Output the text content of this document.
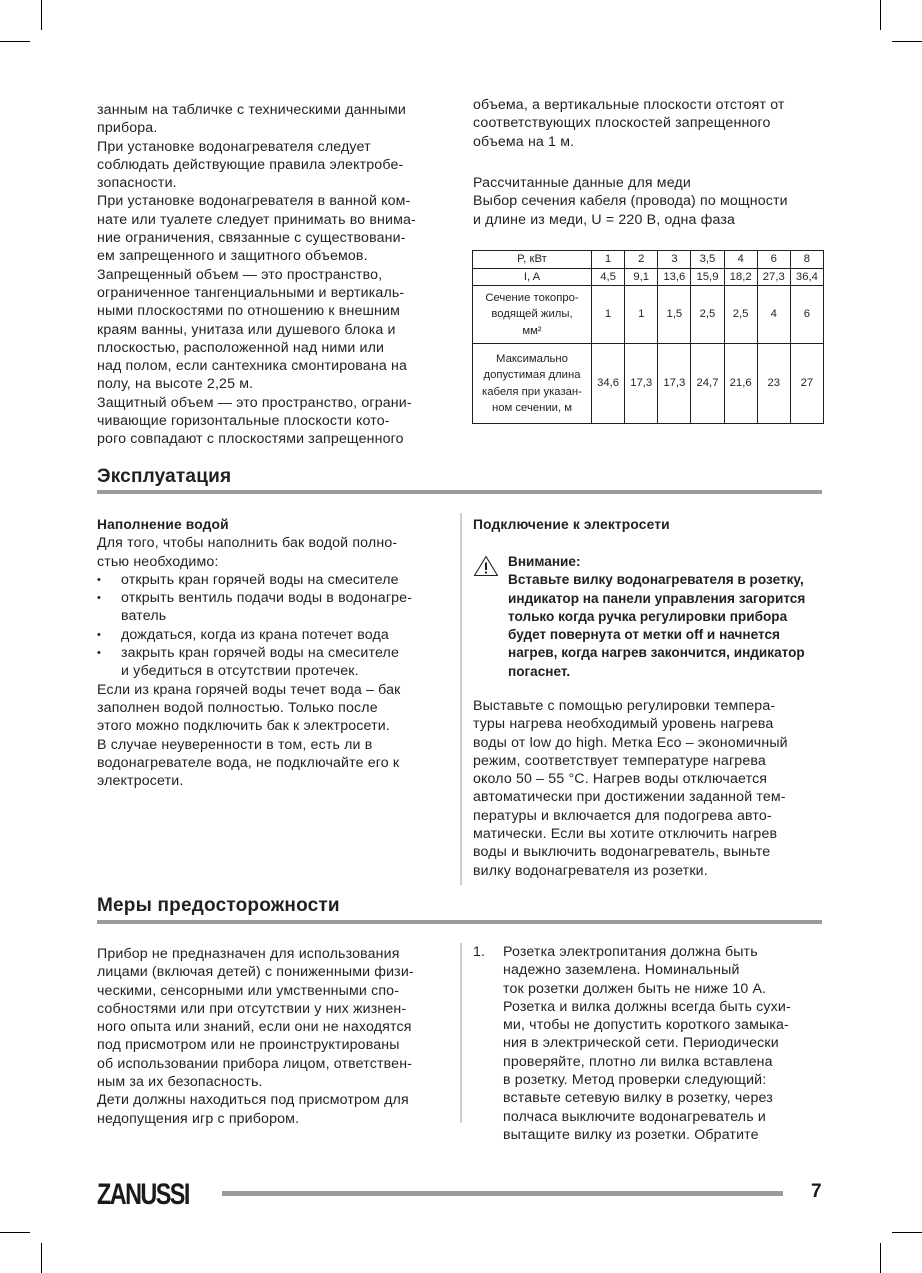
занным на табличке с техническими данными
прибора.
При установке водонагревателя следует
соблюдать действующие правила электробе-
зопасности.
При установке водонагревателя в ванной ком-
нате или туалете следует принимать во внима-
ние ограничения, связанные с существовани-
ем запрещенного и защитного объемов.
Запрещенный объем — это пространство,
ограниченное тангенциальными и вертикаль-
ными плоскостями по отношению к внешним
краям ванны, унитаза или душевого блока и
плоскостью, расположенной над ними или
над полом, если сантехника смонтирована на
полу, на высоте 2,25 м.
Защитный объем — это пространство, ограни-
чивающие горизонтальные плоскости кото-
рого совпадают с плоскостями запрещенного
объема, а вертикальные плоскости отстоят от
соответствующих плоскостей запрещенного
объема на 1 м.
Рассчитанные данные для меди
Выбор сечения кабеля (провода) по мощности
и длине из меди, U = 220 В, одна фаза
P, кВт	1	2	3	3,5	4	6	8

I, A	4,5	9,1	13,6	15,9	18,2	27,3	36,4

Сечение токопро-
водящей жилы,
мм²	1	1	1,5	2,5	2,5	4	6

Максимально
допустимая длина
кабеля при указан-
ном сечении, м	34,6	17,3	17,3	24,7	21,6	23	27
Эксплуатация
Наполнение водой
Для того, чтобы наполнить бак водой полно-
стью необходимо:
• открыть кран горячей воды на смесителе
• открыть вентиль подачи воды в водонагре-
ватель
• дождаться, когда из крана потечет вода
• закрыть кран горячей воды на смесителе
и убедиться в отсутствии протечек.
Если из крана горячей воды течет вода – бак
заполнен водой полностью. Только после
этого можно подключить бак к электросети.
В случае неуверенности в том, есть ли в
водонагревателе вода, не подключайте его к
электросети.
Подключение к электросети
Внимание:
Вставьте вилку водонагревателя в розетку,
индикатор на панели управления загорится
только когда ручка регулировки прибора
будет повернута от метки off и начнется
нагрев, когда нагрев закончится, индикатор
погаснет.
Выставьте с помощью регулировки темпера-
туры нагрева необходимый уровень нагрева
воды от low до high. Метка Eco – экономичный
режим, соответствует температуре нагрева
около 50 – 55 °C. Нагрев воды отключается
автоматически при достижении заданной тем-
пературы и включается для подогрева авто-
матически. Если вы хотите отключить нагрев
воды и выключить водонагреватель, выньте
вилку водонагревателя из розетки.
Меры предосторожности
Прибор не предназначен для использования
лицами (включая детей) с пониженными физи-
ческими, сенсорными или умственными спо-
собностями или при отсутствии у них жизнен-
ного опыта или знаний, если они не находятся
под присмотром или не проинструктированы
об использовании прибора лицом, ответствен-
ным за их безопасность.
Дети должны находиться под присмотром для
недопущения игр с прибором.
1. Розетка электропитания должна быть
надежно заземлена. Номинальный
ток розетки должен быть не ниже 10 А.
Розетка и вилка должны всегда быть сухи-
ми, чтобы не допустить короткого замыка-
ния в электрической сети. Периодически
проверяйте, плотно ли вилка вставлена
в розетку. Метод проверки следующий:
вставьте сетевую вилку в розетку, через
полчаса выключите водонагреватель и
вытащите вилку из розетки. Обратите
ZANUSSI	7
